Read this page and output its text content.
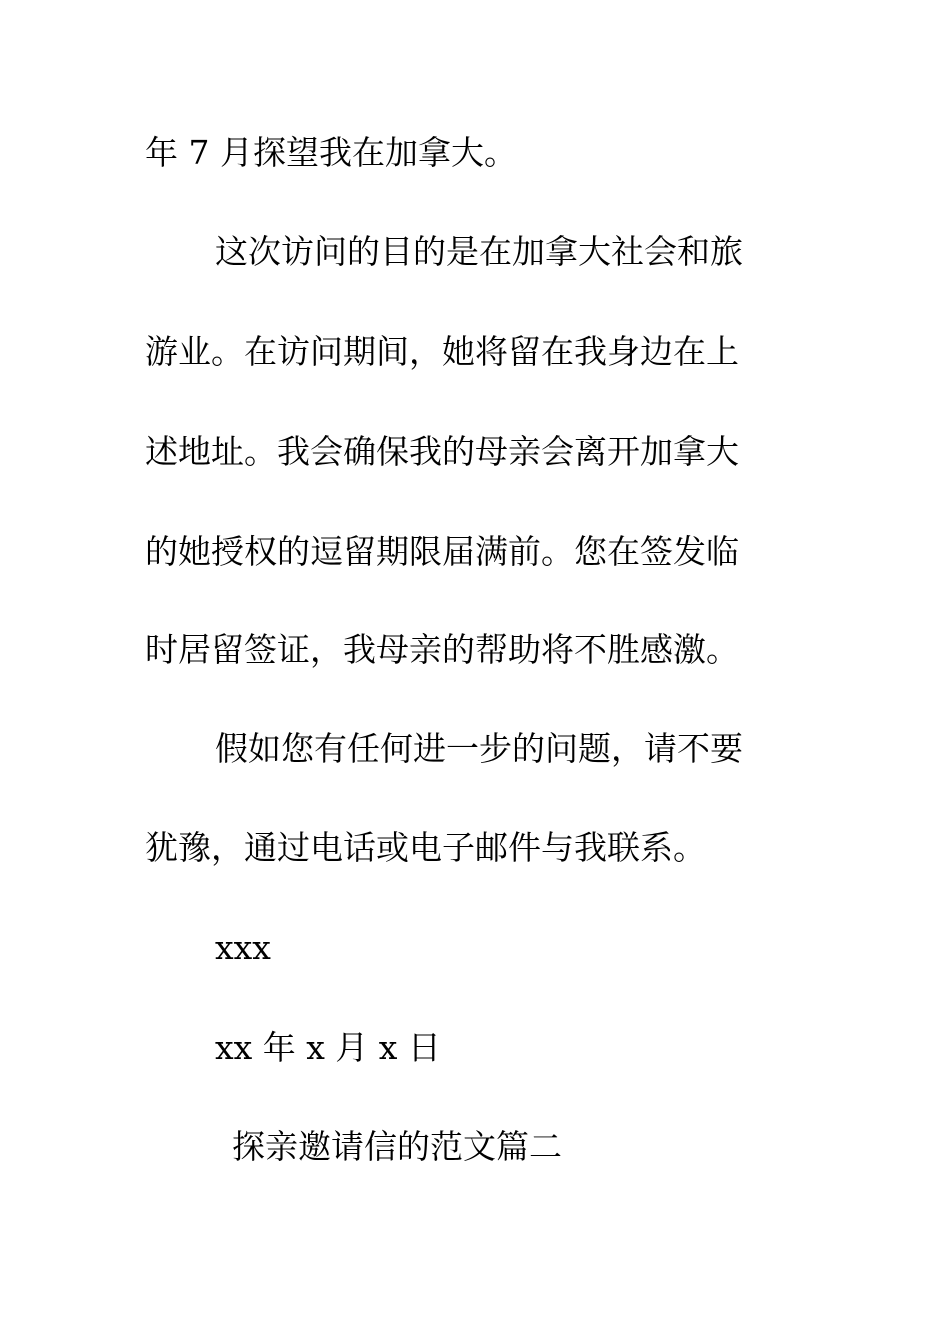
年 7 月探望我在加拿大。
这次访问的目的是在加拿大社会和旅
游业。在访问期间，她将留在我身边在上
述地址。我会确保我的母亲会离开加拿大
的她授权的逗留期限届满前。您在签发临
时居留签证，我母亲的帮助将不胜感激。
假如您有任何进一步的问题，请不要
犹豫，通过电话或电子邮件与我联系。
xxx
xx 年 x 月 x 日
探亲邀请信的范文篇二
